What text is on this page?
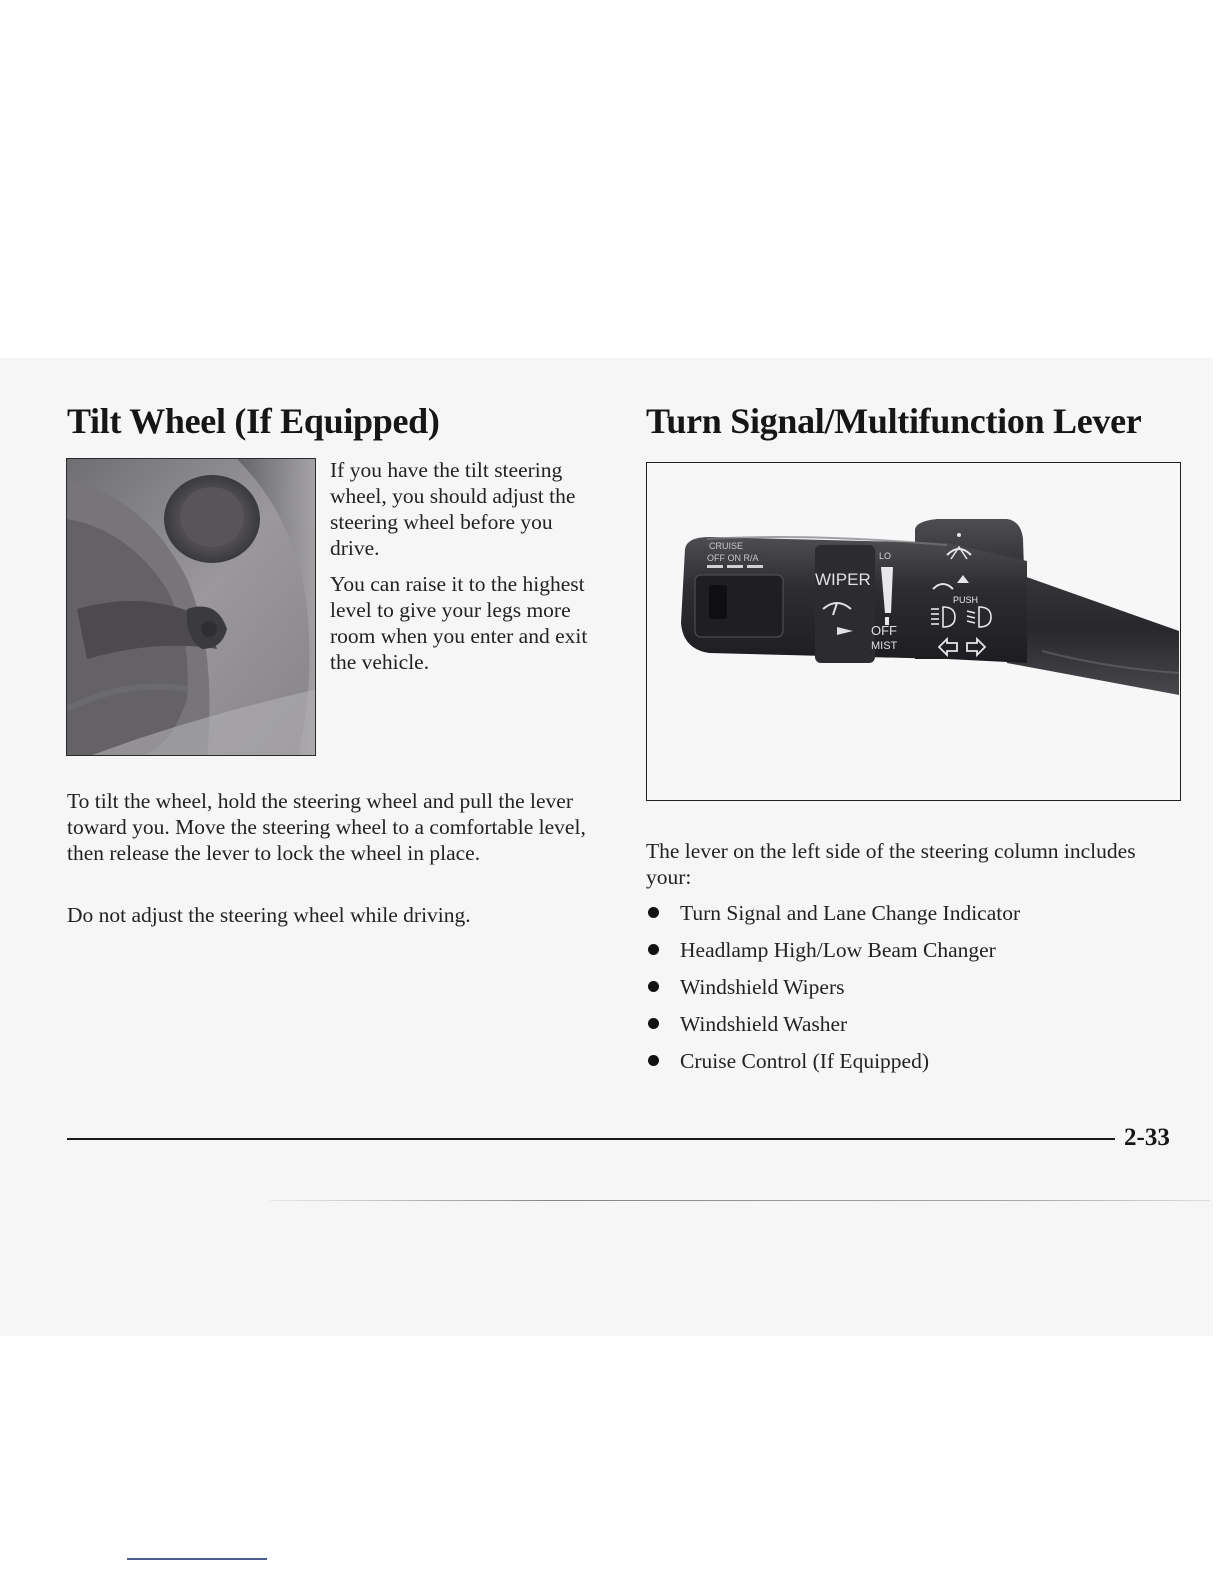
Tilt Wheel (If Equipped)

If you have the tilt steering wheel, you should adjust the steering wheel before you drive.

You can raise it to the highest level to give your legs more room when you enter and exit the vehicle.

To tilt the wheel, hold the steering wheel and pull the lever toward you. Move the steering wheel to a comfortable level, then release the lever to lock the wheel in place.

Do not adjust the steering wheel while driving.

Turn Signal/Multifunction Lever
CRUISE
OFF ON R/A
WIPER
LO
OFF
MIST
PUSH

The lever on the left side of the steering column includes your:

Turn Signal and Lane Change Indicator
Headlamp High/Low Beam Changer
Windshield Wipers
Windshield Washer
Cruise Control (If Equipped)
2-33
